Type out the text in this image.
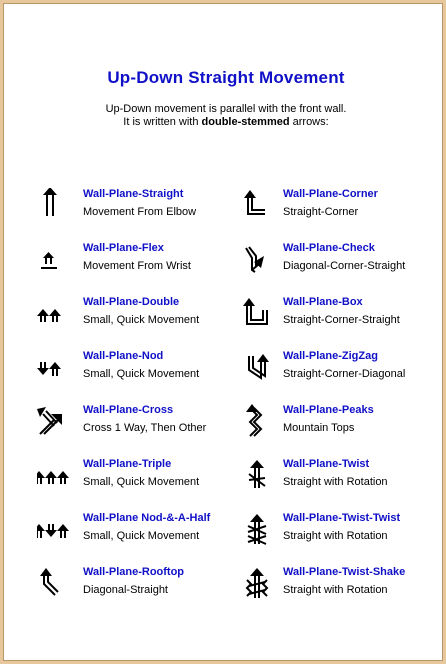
Up-Down Straight Movement
Up-Down movement is parallel with the front wall.
It is written with double-stemmed arrows:
Wall-Plane-Straight
Movement From Elbow
Wall-Plane-Flex
Movement From Wrist
Wall-Plane-Double
Small, Quick Movement
Wall-Plane-Nod
Small, Quick Movement
Wall-Plane-Cross
Cross 1 Way, Then Other
Wall-Plane-Triple
Small, Quick Movement
Wall-Plane Nod-&-A-Half
Small, Quick Movement
Wall-Plane-Rooftop
Diagonal-Straight
Wall-Plane-Corner
Straight-Corner
Wall-Plane-Check
Diagonal-Corner-Straight
Wall-Plane-Box
Straight-Corner-Straight
Wall-Plane-ZigZag
Straight-Corner-Diagonal
Wall-Plane-Peaks
Mountain Tops
Wall-Plane-Twist
Straight with Rotation
Wall-Plane-Twist-Twist
Straight with Rotation
Wall-Plane-Twist-Shake
Straight with Rotation
